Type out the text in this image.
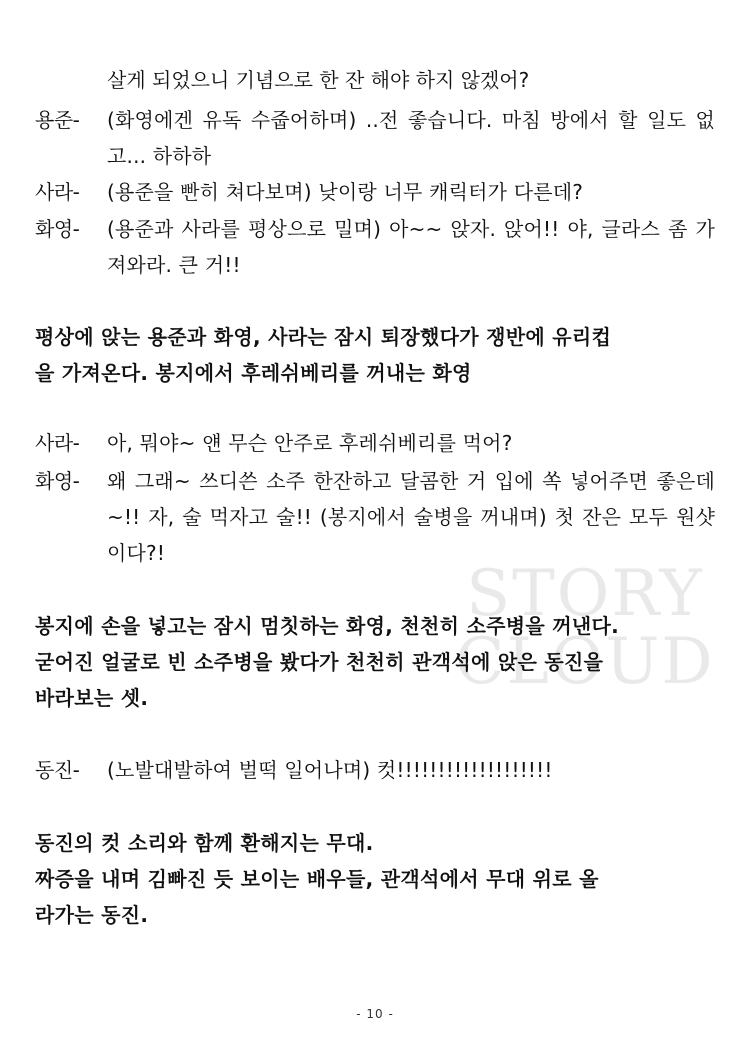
STORY
CLOUD
살게 되었으니 기념으로 한 잔 해야 하지 않겠어?
용준-	(화영에겐 유독 수줍어하며) ..전 좋습니다. 마침 방에서 할 일도 없고... 하하하
사라-	(용준을 빤히 쳐다보며) 낮이랑 너무 캐릭터가 다른데?
화영-	(용준과 사라를 평상으로 밀며) 아~~ 앉자. 앉어!! 야, 글라스 좀 가져와라. 큰 거!!
평상에 앉는 용준과 화영, 사라는 잠시 퇴장했다가 쟁반에 유리컵
을 가져온다. 봉지에서 후레쉬베리를 꺼내는 화영
사라-	아, 뭐야~ 얜 무슨 안주로 후레쉬베리를 먹어?
화영-	왜 그래~ 쓰디쓴 소주 한잔하고 달콤한 거 입에 쏙 넣어주면 좋은데~!! 자, 술 먹자고 술!! (봉지에서 술병을 꺼내며) 첫 잔은 모두 원샷이다?!
봉지에 손을 넣고는 잠시 멈칫하는 화영, 천천히 소주병을 꺼낸다.
굳어진 얼굴로 빈 소주병을 봤다가 천천히 관객석에 앉은 동진을
바라보는 셋.
동진-	(노발대발하여 벌떡 일어나며) 컷!!!!!!!!!!!!!!!!!!!
동진의 컷 소리와 함께 환해지는 무대.
짜증을 내며 김빠진 듯 보이는 배우들, 관객석에서 무대 위로 올
라가는 동진.
- 10 -
